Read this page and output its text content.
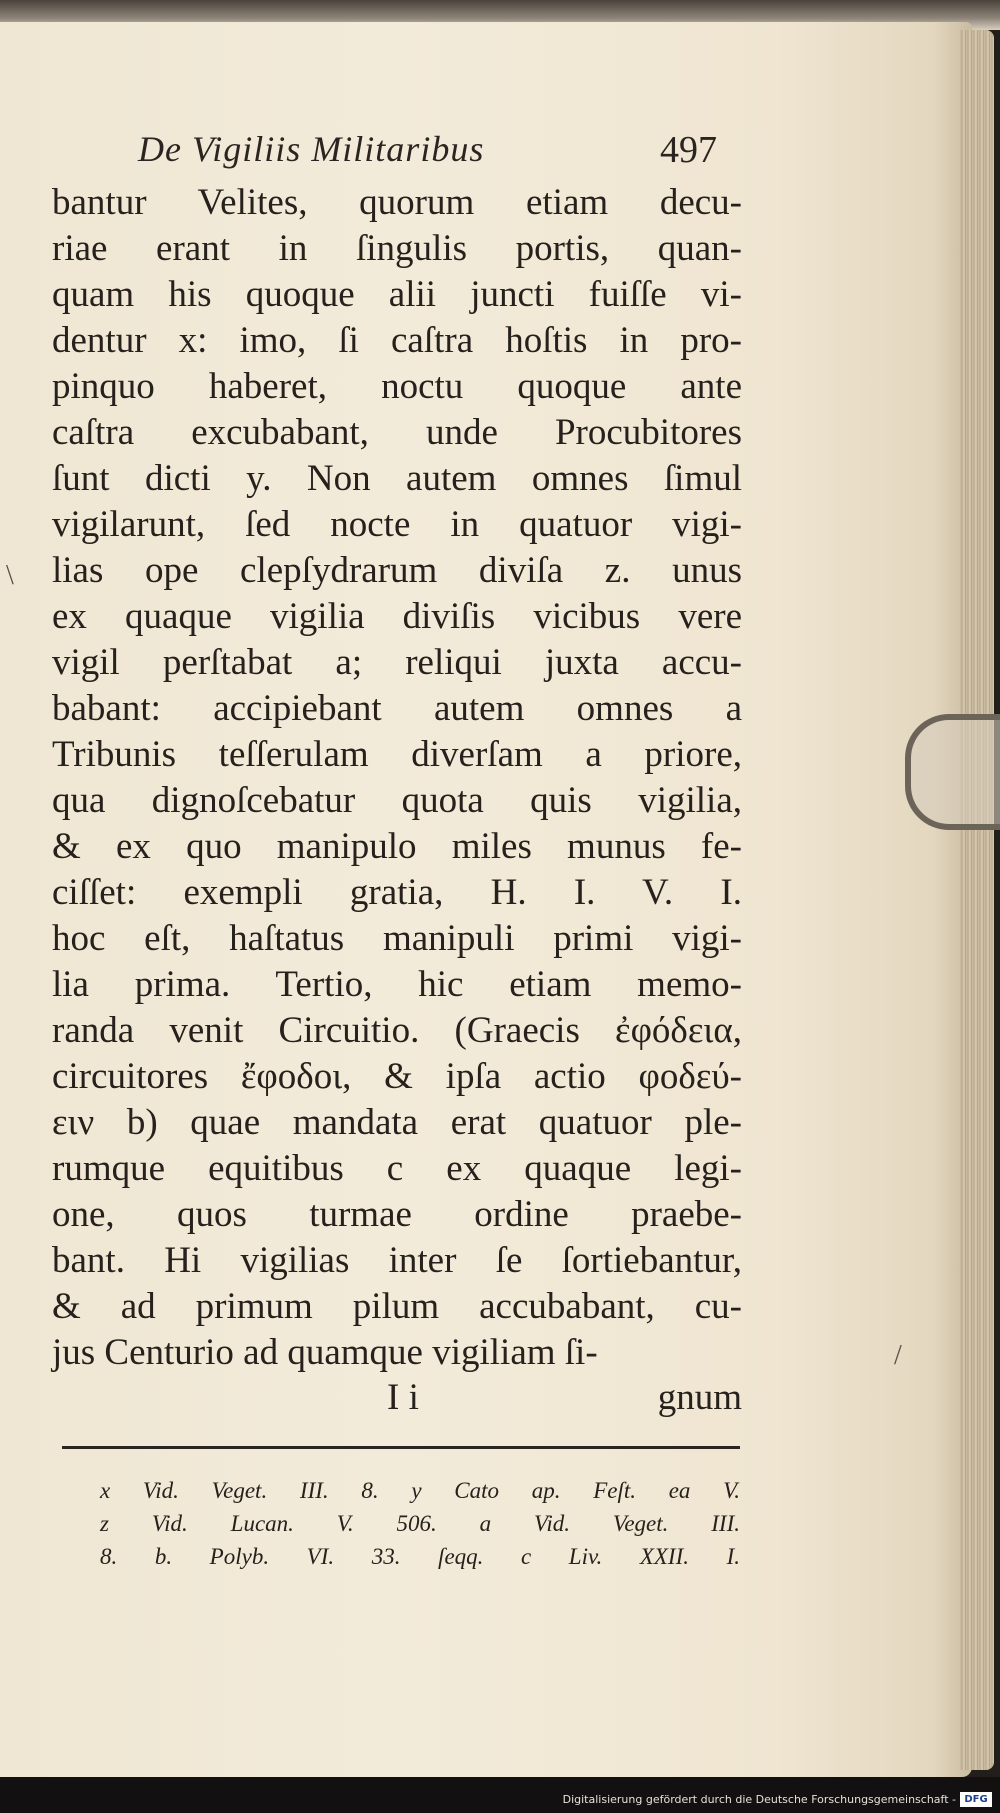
\
/
De Vigiliis Militaribus	497
bantur Velites, quorum etiam decu-
riae erant in ſingulis portis, quan-
quam his quoque alii juncti fuiſſe vi-
dentur x: imo, ſi caſtra hoſtis in pro-
pinquo haberet, noctu quoque ante
caſtra excubabant, unde Procubitores
ſunt dicti y. Non autem omnes ſimul
vigilarunt, ſed nocte in quatuor vigi-
lias ope clepſydrarum diviſa z. unus
ex quaque vigilia diviſis vicibus vere
vigil perſtabat a; reliqui juxta accu-
babant: accipiebant autem omnes a
Tribunis teſſerulam diverſam a priore,
qua dignoſcebatur quota quis vigilia,
& ex quo manipulo miles munus fe-
ciſſet: exempli gratia, H. I. V. I.
hoc eſt, haſtatus manipuli primi vigi-
lia prima. Tertio, hic etiam memo-
randa venit Circuitio. (Graecis ἐφόδεια,
circuitores ἔφοδοι, & ipſa actio φοδεύ-
ειν b) quae mandata erat quatuor ple-
rumque equitibus c ex quaque legi-
one, quos turmae ordine praebe-
bant. Hi vigilias inter ſe ſortiebantur,
& ad primum pilum accubabant, cu-
jus Centurio ad quamque vigiliam ſi-
I i	gnum
x Vid. Veget. III. 8. y Cato ap. Feſt. ea V.
z Vid. Lucan. V. 506. a Vid. Veget. III.
8. b. Polyb. VI. 33. ſeqq. c Liv. XXII. I.
Digitalisierung gefördert durch die Deutsche Forschungsgemeinschaft - DFG
